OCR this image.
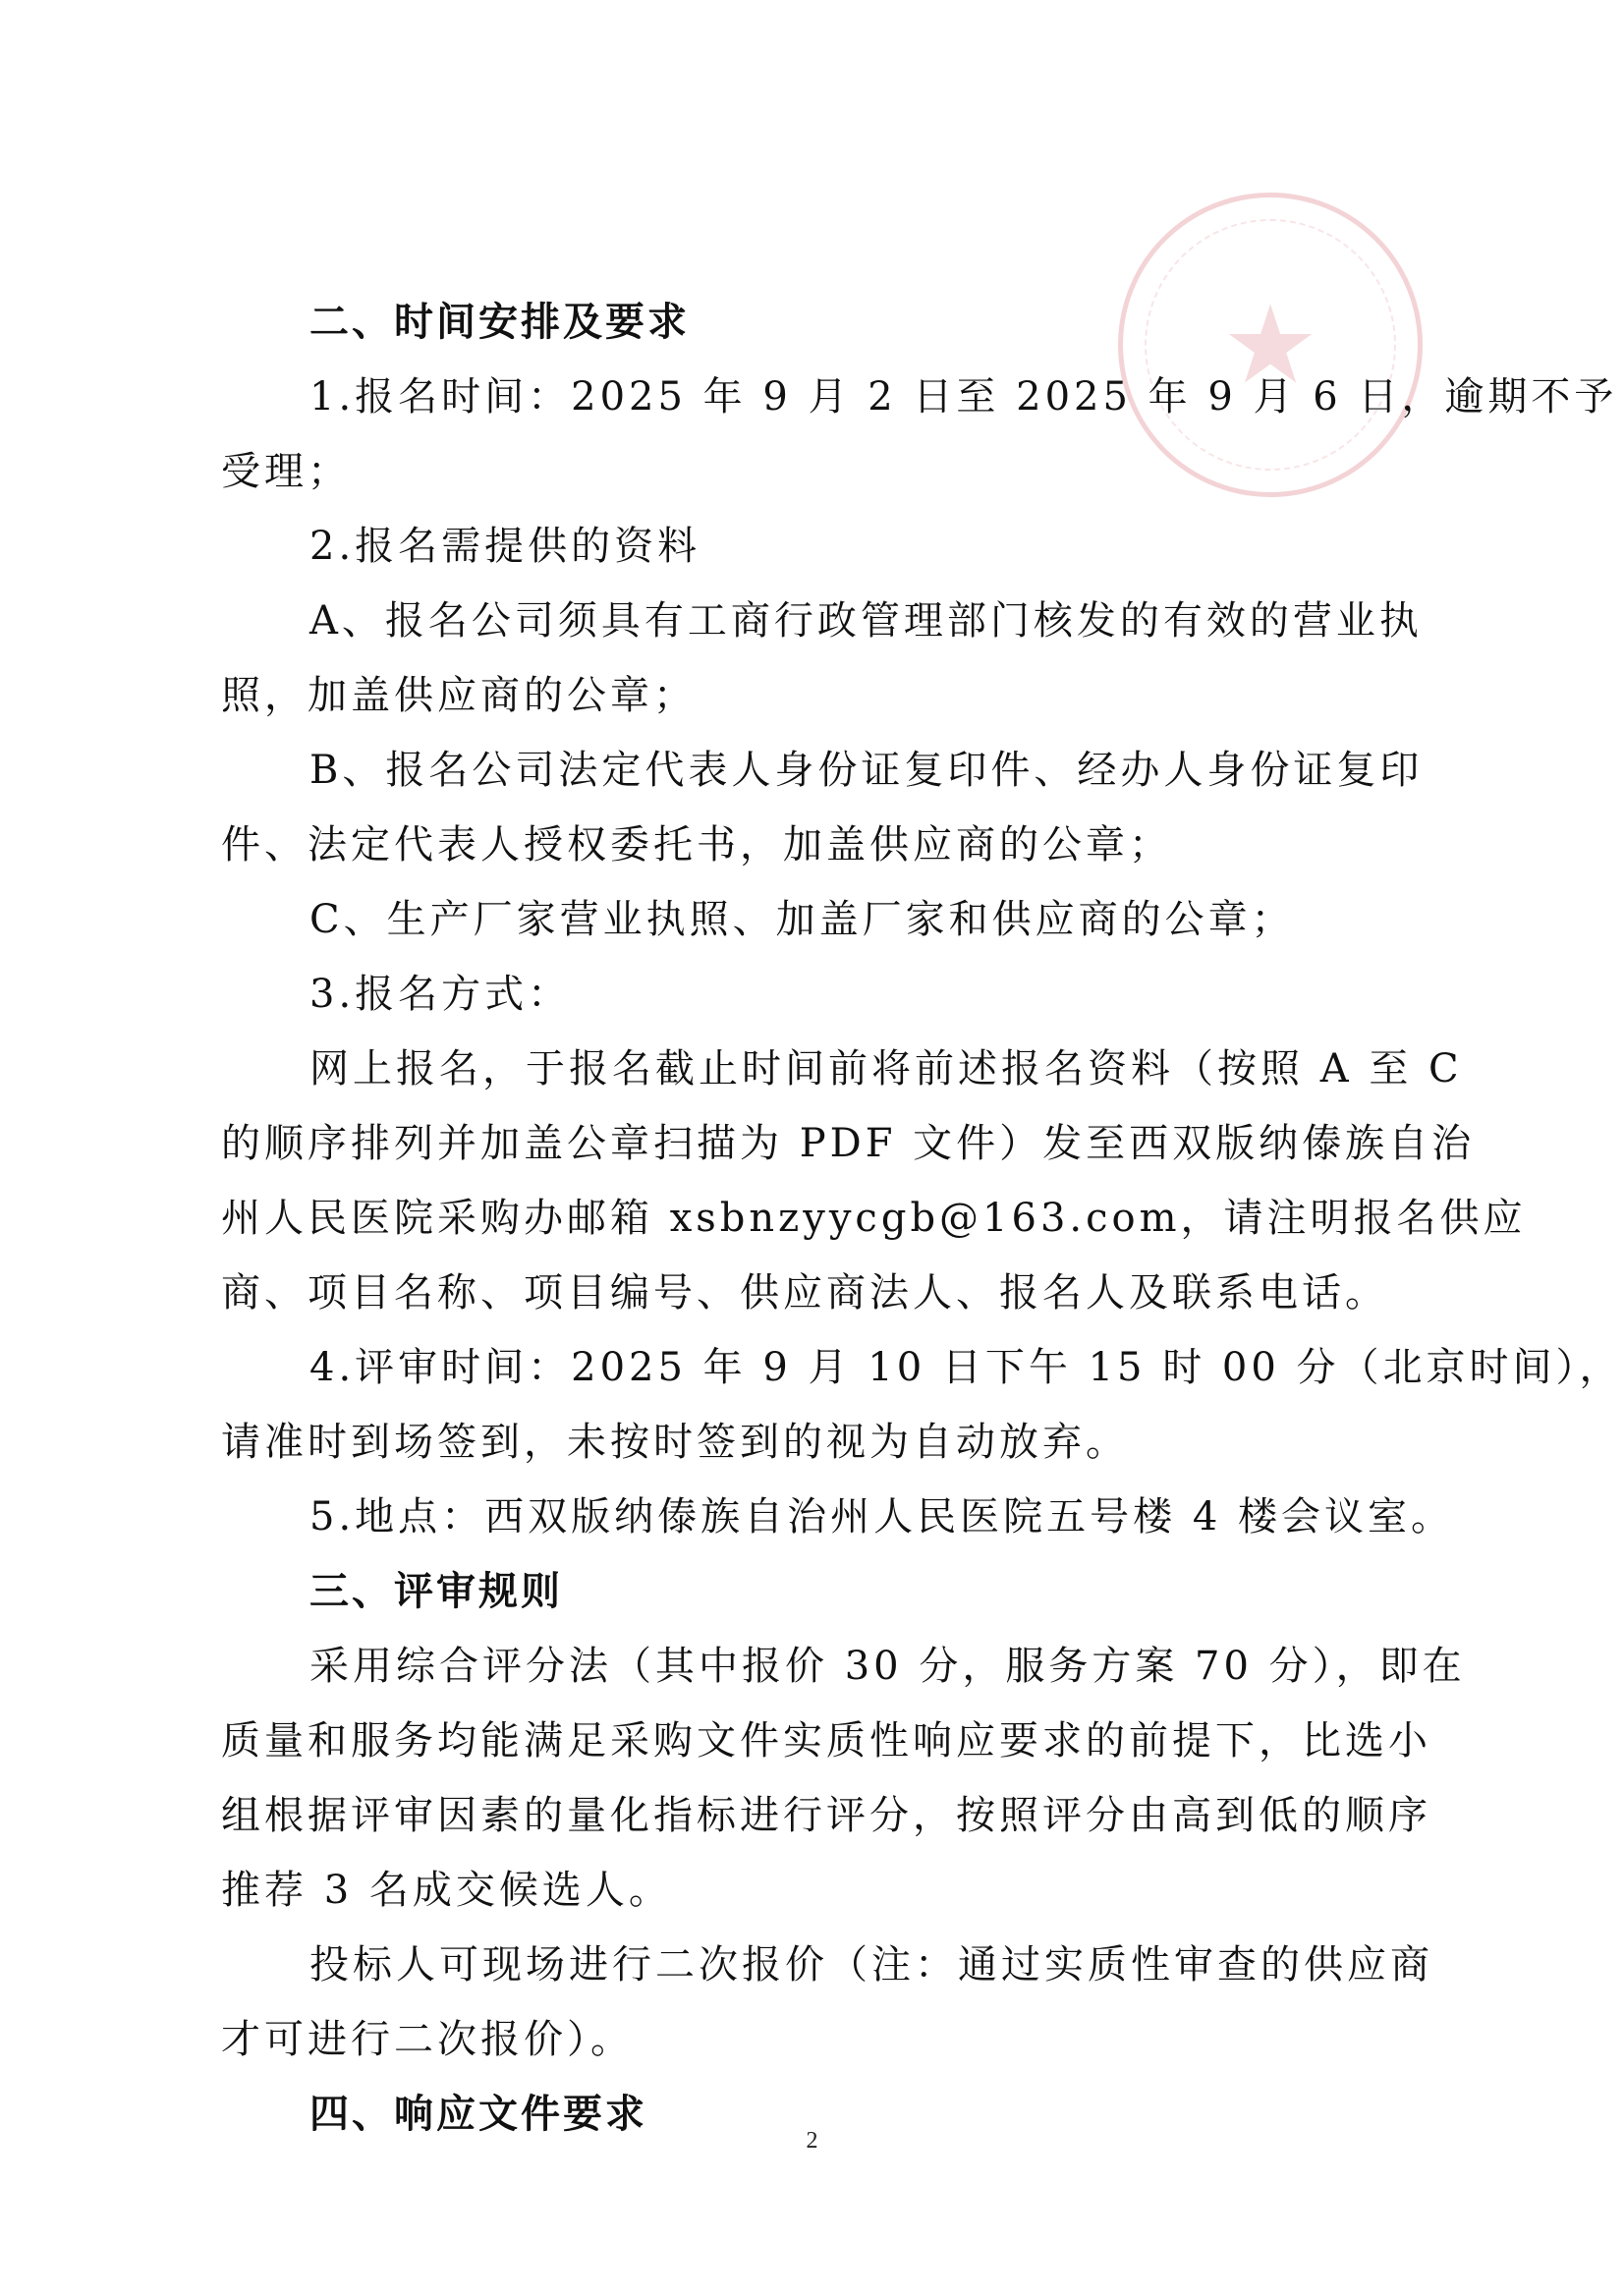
★
二、时间安排及要求
1.报名时间：2025 年 9 月 2 日至 2025 年 9 月 6 日，逾期不予
受理；
2.报名需提供的资料
A、报名公司须具有工商行政管理部门核发的有效的营业执
照，加盖供应商的公章；
B、报名公司法定代表人身份证复印件、经办人身份证复印
件、法定代表人授权委托书，加盖供应商的公章；
C、生产厂家营业执照、加盖厂家和供应商的公章；
3.报名方式：
网上报名，于报名截止时间前将前述报名资料（按照 A 至 C
的顺序排列并加盖公章扫描为 PDF 文件）发至西双版纳傣族自治
州人民医院采购办邮箱 xsbnzyycgb@163.com，请注明报名供应
商、项目名称、项目编号、供应商法人、报名人及联系电话。
4.评审时间：2025 年 9 月 10 日下午 15 时 00 分（北京时间），
请准时到场签到，未按时签到的视为自动放弃。
5.地点：西双版纳傣族自治州人民医院五号楼 4 楼会议室。
三、评审规则
采用综合评分法（其中报价 30 分，服务方案 70 分），即在
质量和服务均能满足采购文件实质性响应要求的前提下，比选小
组根据评审因素的量化指标进行评分，按照评分由高到低的顺序
推荐 3 名成交候选人。
投标人可现场进行二次报价（注：通过实质性审查的供应商
才可进行二次报价）。
四、响应文件要求
2
